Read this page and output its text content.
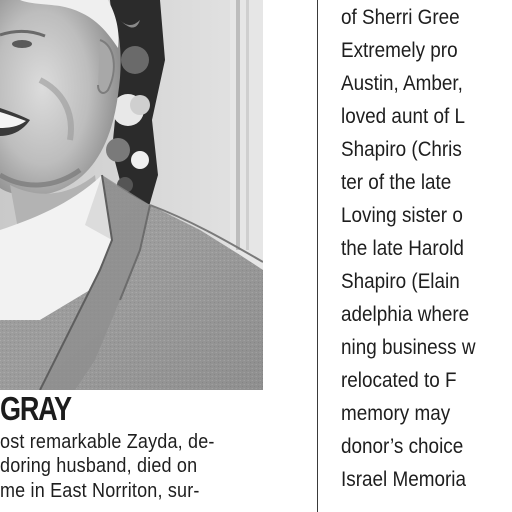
GRAY
ost remarkable Zayda, de-
doring husband, died on
me in East Norriton, sur-
of Sherri Gree
Extremely pro
Austin, Amber,
loved aunt of L
Shapiro (Chris
ter of the late
Loving sister o
the late Harold
Shapiro (Elain
adelphia where
ning business w
relocated to F
memory may
donor’s choice
Israel Memoria
